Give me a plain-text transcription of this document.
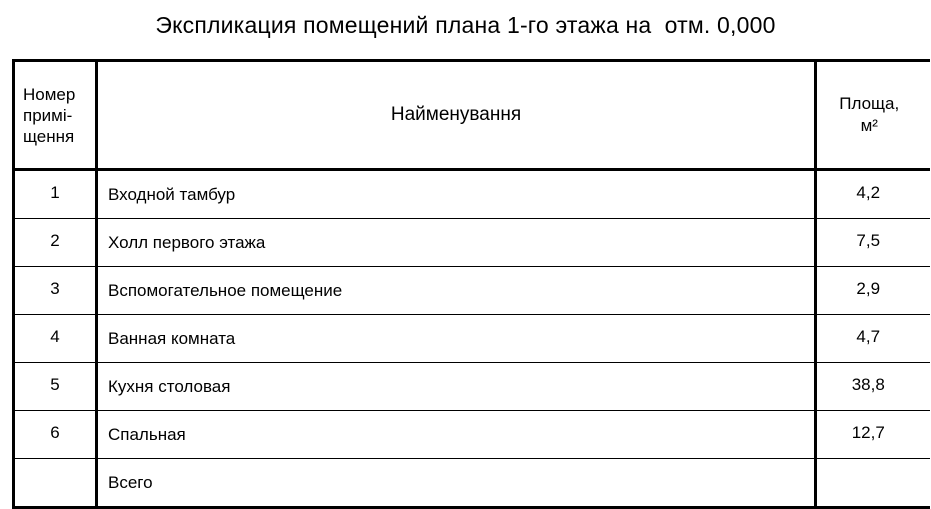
Экспликация помещений плана 1-го этажа на  отм. 0,000
Номер
примі-
щення	Найменування	Площа,
м²

1	Входной тамбур	4,2
2	Холл первого этажа	7,5
3	Вспомогательное помещение	2,9
4	Ванная комната	4,7
5	Кухня столовая	38,8
6	Спальная	12,7
	Всего	
